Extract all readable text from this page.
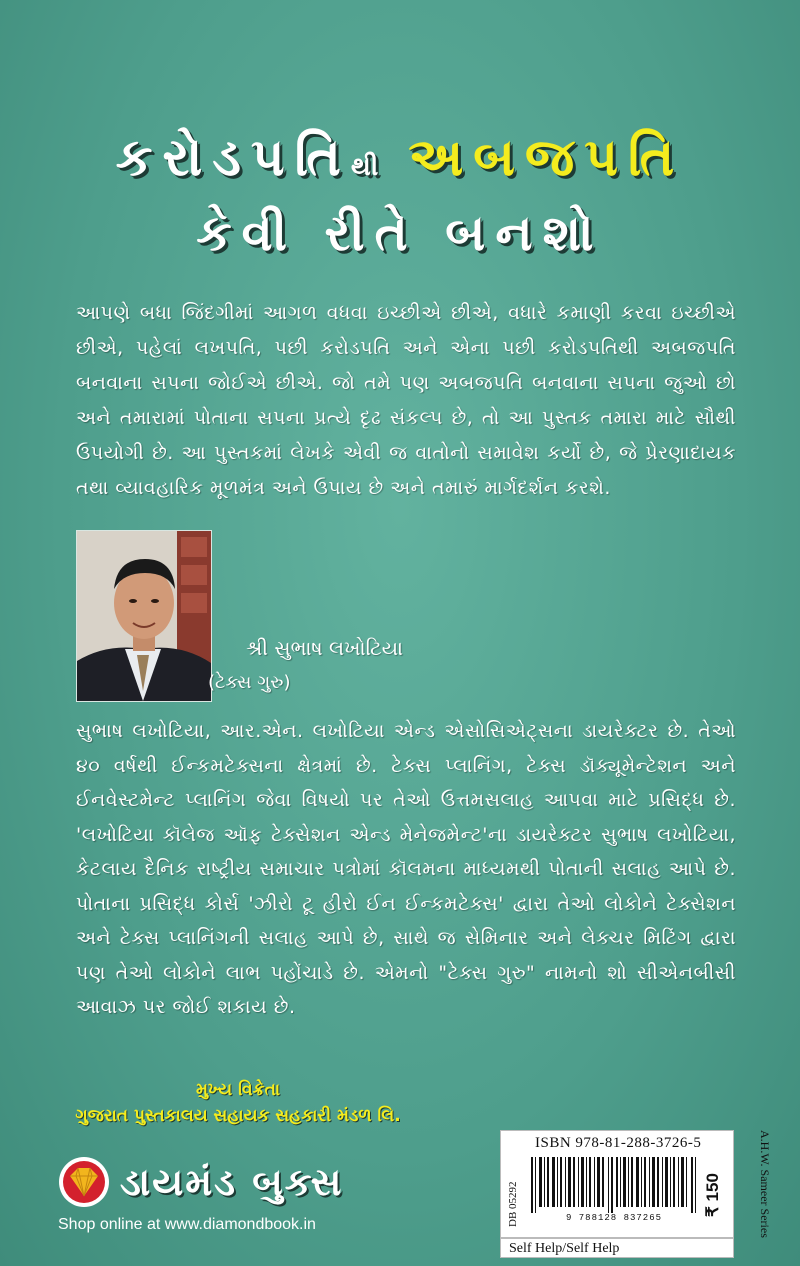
કરોડપતિથી અબજપતિ
કેવી રીતે બનશો

આપણે બધા જિંદગીમાં આગળ વધવા ઇચ્છીએ છીએ, વધારે કમાણી કરવા ઇચ્છીએ છીએ, પહેલાં લખપતિ, પછી કરોડપતિ અને એના પછી કરોડપતિથી અબજપતિ બનવાના સપના જોઈએ છીએ. જો તમે પણ અબજપતિ બનવાના સપના જુઓ છો અને તમારામાં પોતાના સપના પ્રત્યે દૃઢ સંકલ્પ છે, તો આ પુસ્તક તમારા માટે સૌથી ઉપયોગી છે. આ પુસ્તકમાં લેખકે એવી જ વાતોનો સમાવેશ કર્યો છે, જે પ્રેરણાદાયક તથા વ્યાવહારિક મૂળમંત્ર અને ઉપાય છે અને તમારું માર્ગદર્શન કરશે.

શ્રી સુભાષ લખોટિયા
(ટેક્સ ગુરુ)

સુભાષ લખોટિયા, આર.એન. લખોટિયા એન્ડ એસોસિએટ્સના ડાયરેક્ટર છે. તેઓ ૪૦ વર્ષથી ઈન્કમટેક્સના ક્ષેત્રમાં છે. ટેક્સ પ્લાનિંગ, ટેક્સ ડૉક્યૂમેન્ટેશન અને ઈનવેસ્ટમેન્ટ પ્લાનિંગ જેવા વિષયો પર તેઓ ઉત્તમસલાહ આપવા માટે પ્રસિદ્ધ છે. 'લખોટિયા કૉલેજ ઑફ ટેક્સેશન એન્ડ મેનેજમેન્ટ'ના ડાયરેક્ટર સુભાષ લખોટિયા, કેટલાય દૈનિક રાષ્ટ્રીય સમાચાર પત્રોમાં કૉલમના માધ્યમથી પોતાની સલાહ આપે છે. પોતાના પ્રસિદ્ધ કોર્સ 'ઝીરો ટૂ હીરો ઈન ઈન્કમટેક્સ' દ્વારા તેઓ લોકોને ટેક્સેશન અને ટેક્સ પ્લાનિંગની સલાહ આપે છે, સાથે જ સેમિનાર અને લેક્ચર મિટિંગ દ્વારા પણ તેઓ લોકોને લાભ પહોંચાડે છે. એમનો "ટેક્સ ગુરુ" નામનો શો સીએનબીસી આવાઝ પર જોઈ શકાય છે.

મુખ્ય વિક્રેતા
ગુજરાત પુસ્તકાલય સહાયક સહકારી મંડળ લિ.
ડાયમંડ બુક્સ
Shop online at www.diamondbook.in
ISBN 978-81-288-3726-5
DB 05292	9 788128 837265
₹ 150
Self Help/Self Help
A.H.W. Sameer Series
